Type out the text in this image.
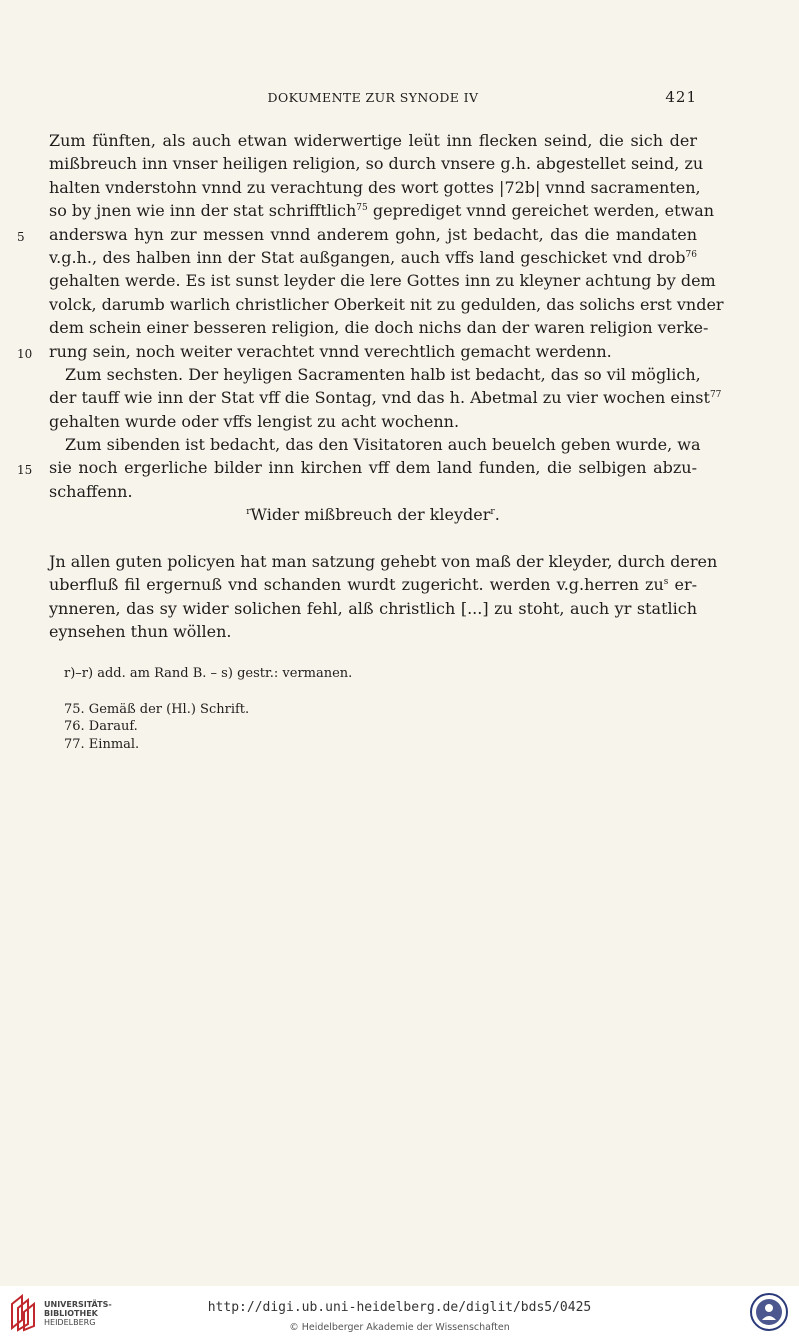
DOKUMENTE ZUR SYNODE IV	421
Zum fünften, als auch etwan widerwertige leüt inn flecken seind, die sich der
mißbreuch inn vnser heiligen religion, so durch vnsere g.h. abgestellet seind, zu
halten vnderstohn vnnd zu verachtung des wort gottes |72b| vnnd sacramenten,
so by jnen wie inn der stat schrifftlich$^{75}$ geprediget vnnd gereichet werden, etwan
5 anderswa hyn zur messen vnnd anderem gohn, jst bedacht, das die mandaten
v.g.h., des halben inn der Stat außgangen, auch vffs land geschicket vnd drob$^{76}$
gehalten werde. Es ist sunst leyder die lere Gottes inn zu kleyner achtung by dem
volck, darumb warlich christlicher Oberkeit nit zu gedulden, das solichs erst vnder
dem schein einer besseren religion, die doch nichs dan der waren religion verke-
10 rung sein, noch weiter verachtet vnnd verechtlich gemacht werdenn.
Zum sechsten. Der heyligen Sacramenten halb ist bedacht, das so vil möglich,
der tauff wie inn der Stat vff die Sontag, vnd das h. Abetmal zu vier wochen einst$^{77}$
gehalten wurde oder vffs lengist zu acht wochenn.
Zum sibenden ist bedacht, das den Visitatoren auch beuelch geben wurde, wa
15 sie noch ergerliche bilder inn kirchen vff dem land funden, die selbigen abzu-
schaffenn.
$^r$Wider mißbreuch der kleyder$^r$.
Jn allen guten policyen hat man satzung gehebt von maß der kleyder, durch deren
uberfluß fil ergernuß vnd schanden wurdt zugericht. werden v.g.herren $zu^s$ er-
ynneren, das sy wider solichen fehl, alß christlich [...] zu stoht, auch yr statlich
eynsehen thun wöllen.
r)–r) add. am Rand B. – s) gestr.: vermanen.
75. Gemäß der (Hl.) Schrift.
76. Darauf.
77. Einmal.
UNIVERSITÄTS-
BIBLIOTHEK
HEIDELBERG
http://digi.ub.uni-heidelberg.de/diglit/bds5/0425
© Heidelberger Akademie der Wissenschaften
